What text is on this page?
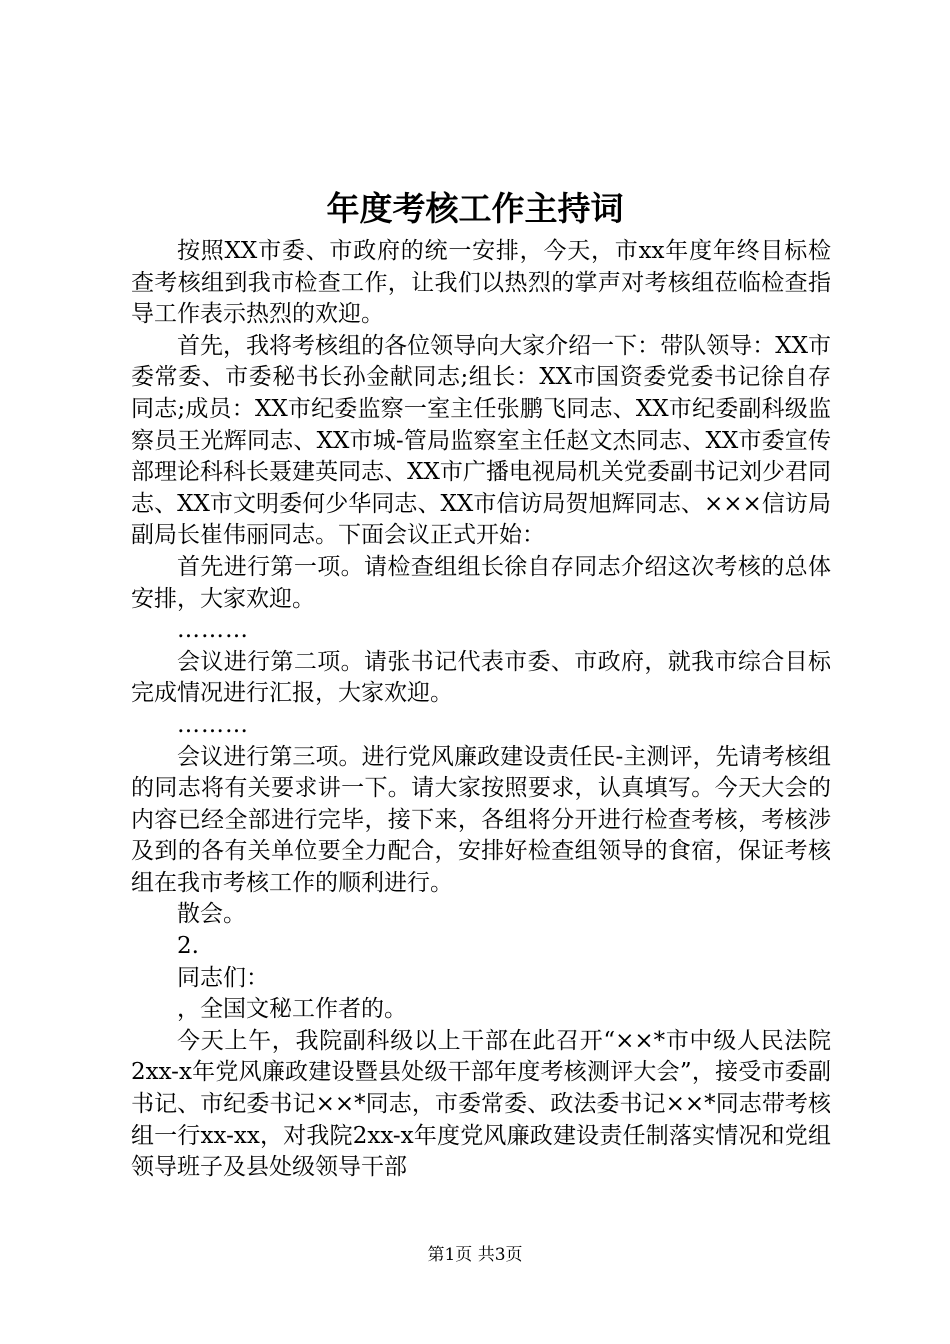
年度考核工作主持词

按照XX市委、市政府的统一安排，今天，市xx年度年终目标检查考核组到我市检查工作，让我们以热烈的掌声对考核组莅临检查指导工作表示热烈的欢迎。

首先，我将考核组的各位领导向大家介绍一下：带队领导：XX市委常委、市委秘书长孙金献同志;组长：XX市国资委党委书记徐自存同志;成员：XX市纪委监察一室主任张鹏飞同志、XX市纪委副科级监察员王光辉同志、XX市城-管局监察室主任赵文杰同志、XX市委宣传部理论科科长聂建英同志、XX市广播电视局机关党委副书记刘少君同志、XX市文明委何少华同志、XX市信访局贺旭辉同志、×××信访局副局长崔伟丽同志。下面会议正式开始：

首先进行第一项。请检查组组长徐自存同志介绍这次考核的总体安排，大家欢迎。

………

会议进行第二项。请张书记代表市委、市政府，就我市综合目标完成情况进行汇报，大家欢迎。

………

会议进行第三项。进行党风廉政建设责任民-主测评，先请考核组的同志将有关要求讲一下。请大家按照要求，认真填写。今天大会的内容已经全部进行完毕，接下来，各组将分开进行检查考核，考核涉及到的各有关单位要全力配合，安排好检查组领导的食宿，保证考核组在我市考核工作的顺利进行。

散会。

2.

同志们：

，全国文秘工作者的。

今天上午，我院副科级以上干部在此召开“××*市中级人民法院2xx-x年党风廉政建设暨县处级干部年度考核测评大会”，接受市委副书记、市纪委书记××*同志，市委常委、政法委书记××*同志带考核组一行xx-xx，对我院2xx-x年度党风廉政建设责任制落实情况和党组领导班子及县处级领导干部

第1页 共3页
